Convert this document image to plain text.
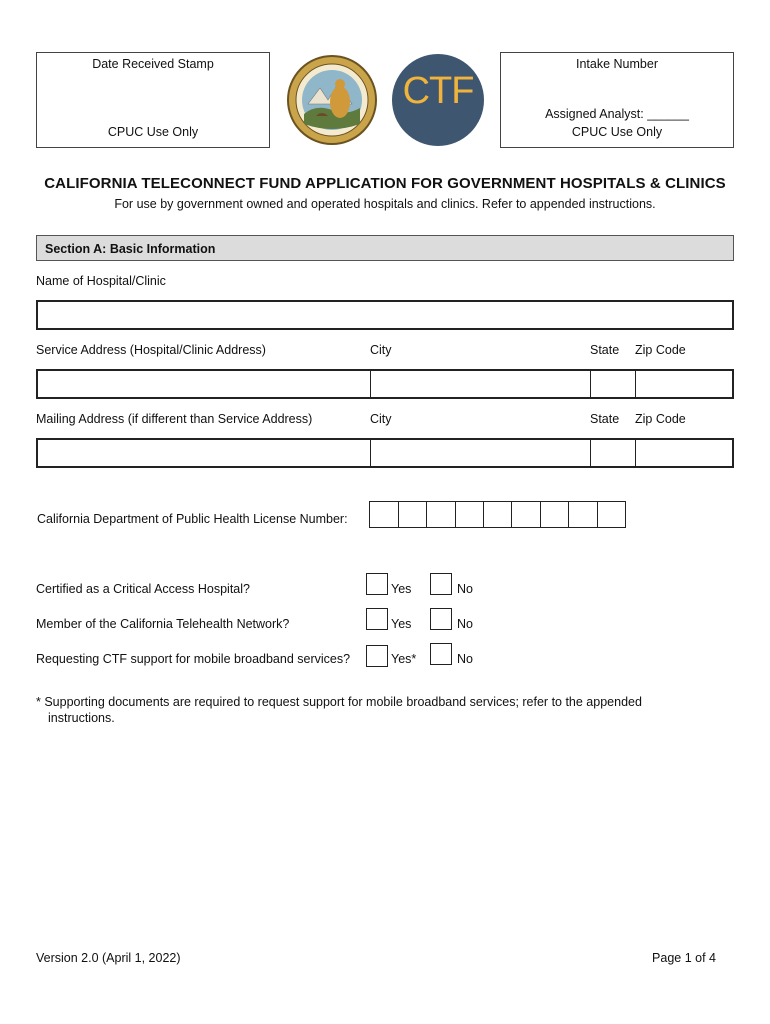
Date Received Stamp
CPUC Use Only
CTF
Intake Number
Assigned Analyst: ______
CPUC Use Only
CALIFORNIA TELECONNECT FUND APPLICATION FOR GOVERNMENT HOSPITALS & CLINICS
For use by government owned and operated hospitals and clinics. Refer to appended instructions.
Section A: Basic Information
Name of Hospital/Clinic
Service Address (Hospital/Clinic Address)	City	State Zip Code
Mailing Address (if different than Service Address)	City	State Zip Code
California Department of Public Health License Number:
Certified as a Critical Access Hospital?	Yes	No
Member of the California Telehealth Network?	Yes	No
Requesting CTF support for mobile broadband services?	Yes*	No
* Supporting documents are required to request support for mobile broadband services; refer to the appended
instructions.
Version 2.0 (April 1, 2022)	Page 1 of 4
